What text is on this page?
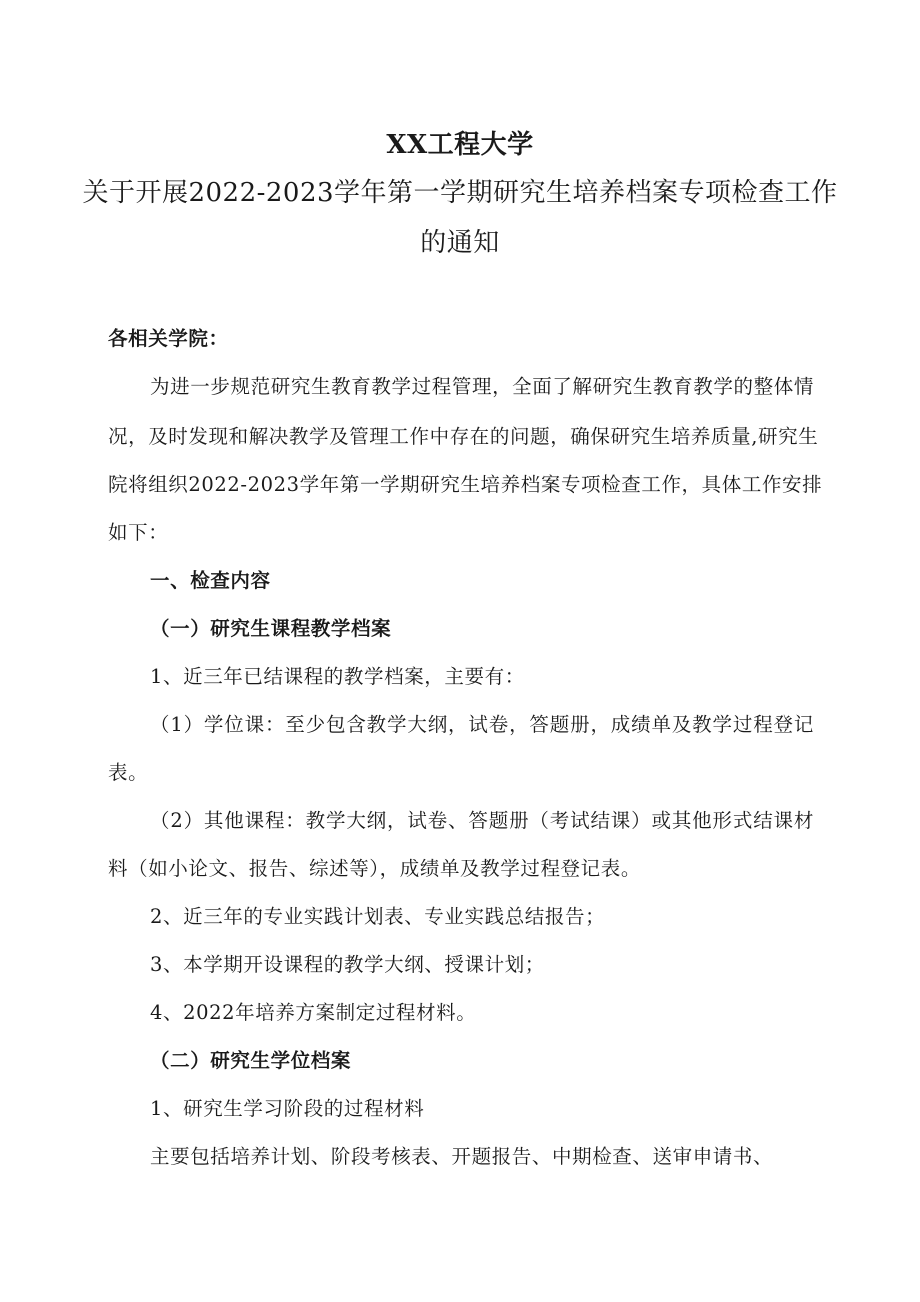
XX工程大学
关于开展2022-2023学年第一学期研究生培养档案专项检查工作
的通知
各相关学院：
为进一步规范研究生教育教学过程管理，全面了解研究生教育教学的整体情
况，及时发现和解决教学及管理工作中存在的问题，确保研究生培养质量,研究生
院将组织2022-2023学年第一学期研究生培养档案专项检查工作，具体工作安排
如下：
一、检查内容
（一）研究生课程教学档案
1、近三年已结课程的教学档案，主要有：
（1）学位课：至少包含教学大纲，试卷，答题册，成绩单及教学过程登记
表。
（2）其他课程：教学大纲，试卷、答题册（考试结课）或其他形式结课材
料（如小论文、报告、综述等），成绩单及教学过程登记表。
2、近三年的专业实践计划表、专业实践总结报告；
3、本学期开设课程的教学大纲、授课计划；
4、2022年培养方案制定过程材料。
（二）研究生学位档案
1、研究生学习阶段的过程材料
主要包括培养计划、阶段考核表、开题报告、中期检查、送审申请书、
